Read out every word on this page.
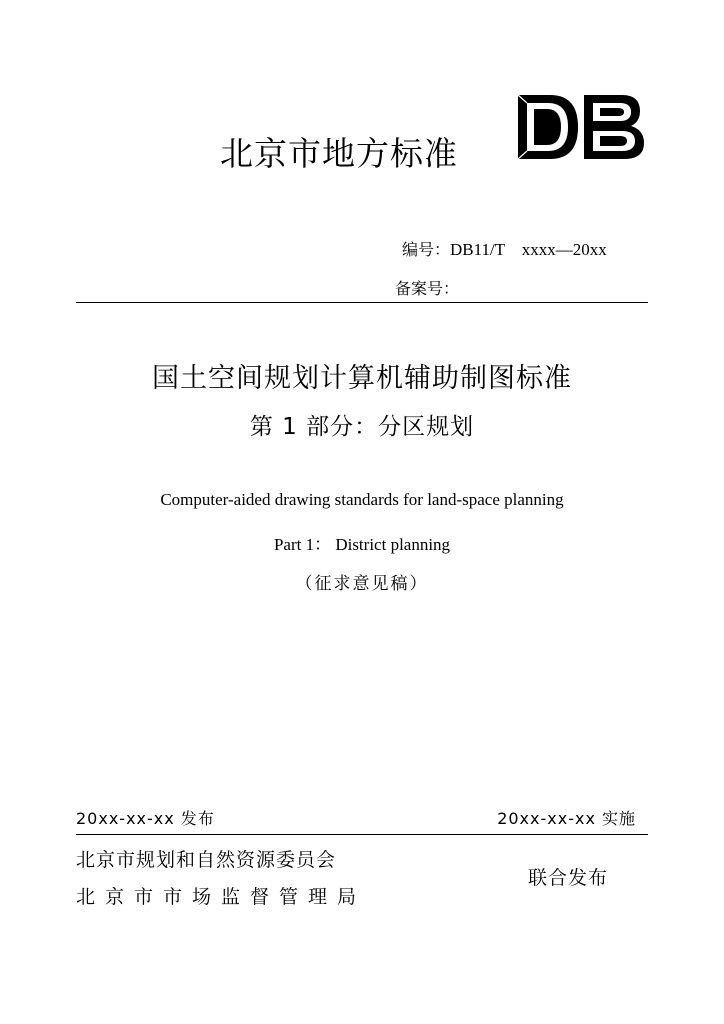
北京市地方标准
编号：DB11/T　xxxx—20xx
备案号：
国土空间规划计算机辅助制图标准
第 1 部分：分区规划
Computer-aided drawing standards for land-space planning
Part 1： District planning
（征求意见稿）
20xx-xx-xx 发布	20xx-xx-xx 实施
北京市规划和自然资源委员会
北京市市场监督管理局
联合发布
